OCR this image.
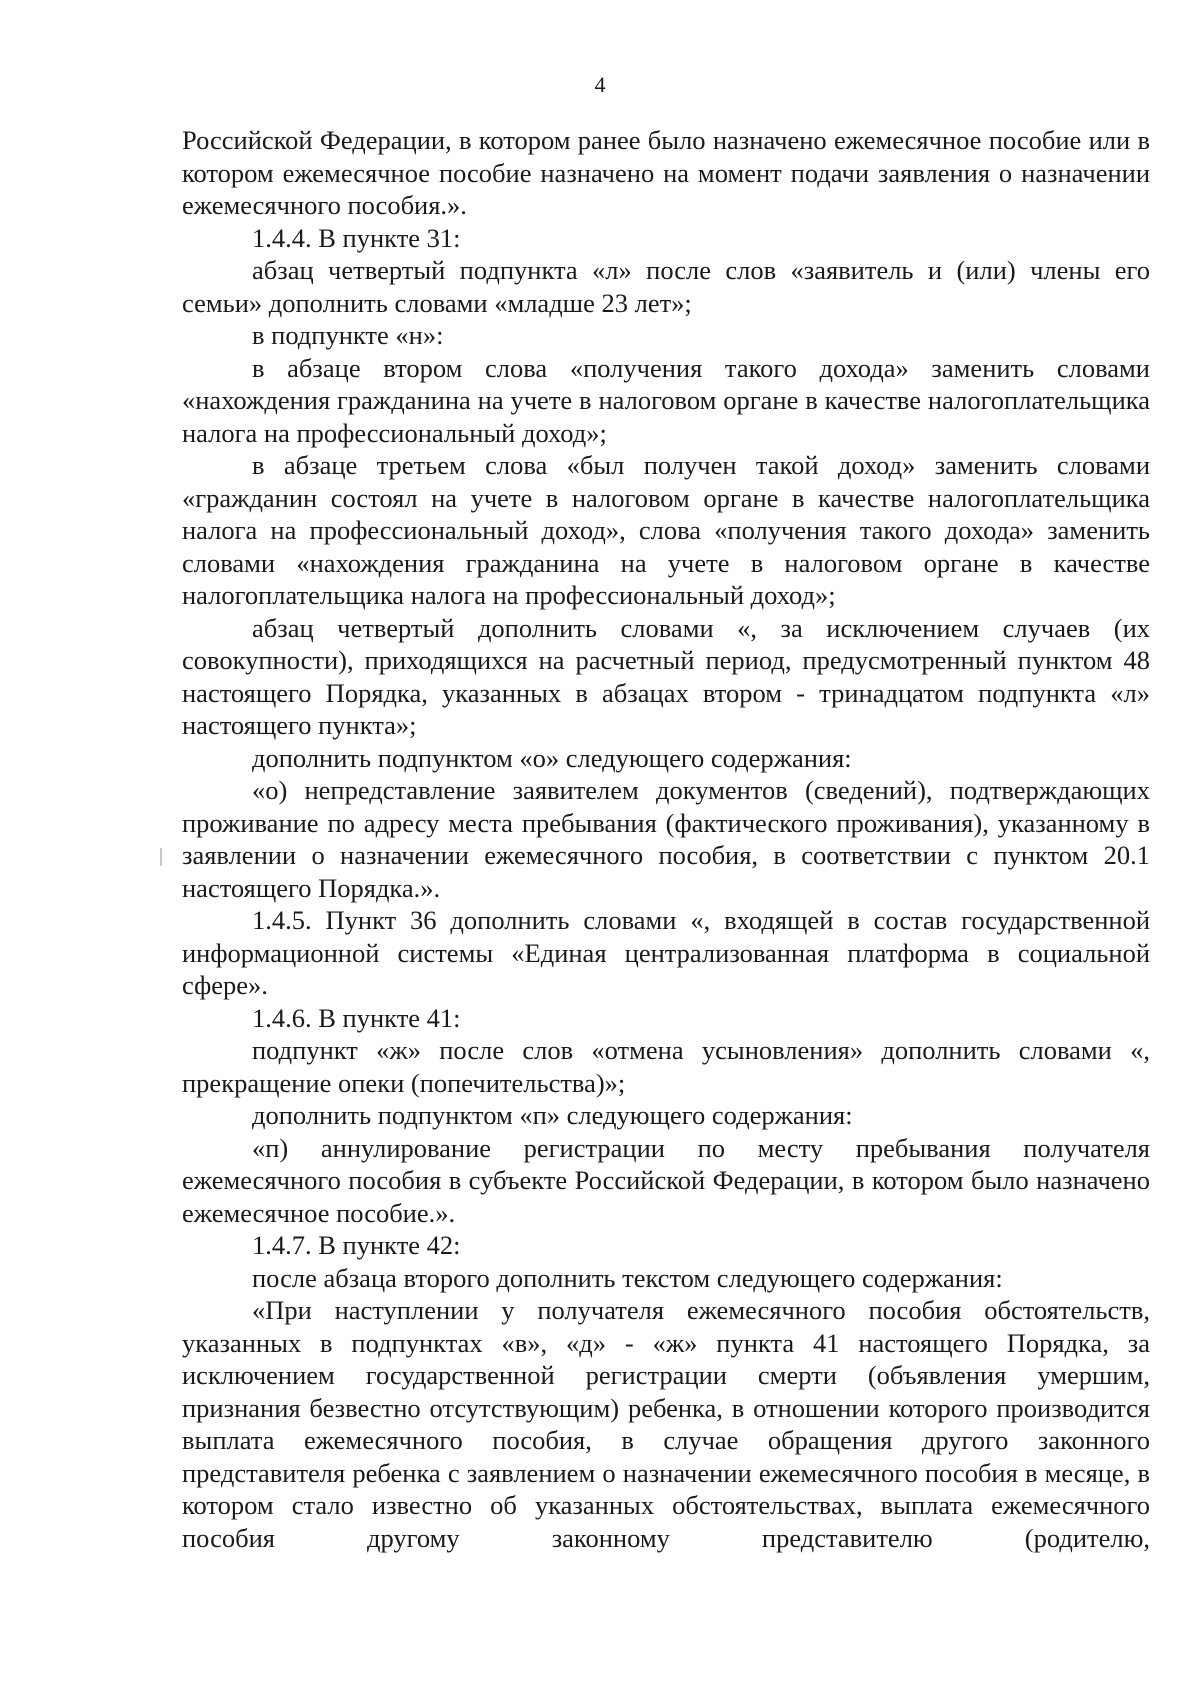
4

Российской Федерации, в котором ранее было назначено ежемесячное пособие или в котором ежемесячное пособие назначено на момент подачи заявления о назначении ежемесячного пособия.».

1.4.4. В пункте 31:

абзац четвертый подпункта «л» после слов «заявитель и (или) члены его семьи» дополнить словами «младше 23 лет»;

в подпункте «н»:

в абзаце втором слова «получения такого дохода» заменить словами «нахождения гражданина на учете в налоговом органе в качестве налогоплательщика налога на профессиональный доход»;

в абзаце третьем слова «был получен такой доход» заменить словами «гражданин состоял на учете в налоговом органе в качестве налогоплательщика налога на профессиональный доход», слова «получения такого дохода» заменить словами «нахождения гражданина на учете в налоговом органе в качестве налогоплательщика налога на профессиональный доход»;

абзац четвертый дополнить словами «, за исключением случаев (их совокупности), приходящихся на расчетный период, предусмотренный пунктом 48 настоящего Порядка, указанных в абзацах втором - тринадцатом подпункта «л» настоящего пункта»;

дополнить подпунктом «о» следующего содержания:

«о) непредставление заявителем документов (сведений), подтверждающих проживание по адресу места пребывания (фактического проживания), указанному в заявлении о назначении ежемесячного пособия, в соответствии с пунктом 20.1 настоящего Порядка.».

1.4.5. Пункт 36 дополнить словами «, входящей в состав государственной информационной системы «Единая централизованная платформа в социальной сфере».

1.4.6. В пункте 41:

подпункт «ж» после слов «отмена усыновления» дополнить словами «, прекращение опеки (попечительства)»;

дополнить подпунктом «п» следующего содержания:

«п) аннулирование регистрации по месту пребывания получателя ежемесячного пособия в субъекте Российской Федерации, в котором было назначено ежемесячное пособие.».

1.4.7. В пункте 42:

после абзаца второго дополнить текстом следующего содержания:

«При наступлении у получателя ежемесячного пособия обстоятельств, указанных в подпунктах «в», «д» - «ж» пункта 41 настоящего Порядка, за исключением государственной регистрации смерти (объявления умершим, признания безвестно отсутствующим) ребенка, в отношении которого производится выплата ежемесячного пособия, в случае обращения другого законного представителя ребенка с заявлением о назначении ежемесячного пособия в месяце, в котором стало известно об указанных обстоятельствах, выплата ежемесячного пособия другому законному представителю (родителю,
